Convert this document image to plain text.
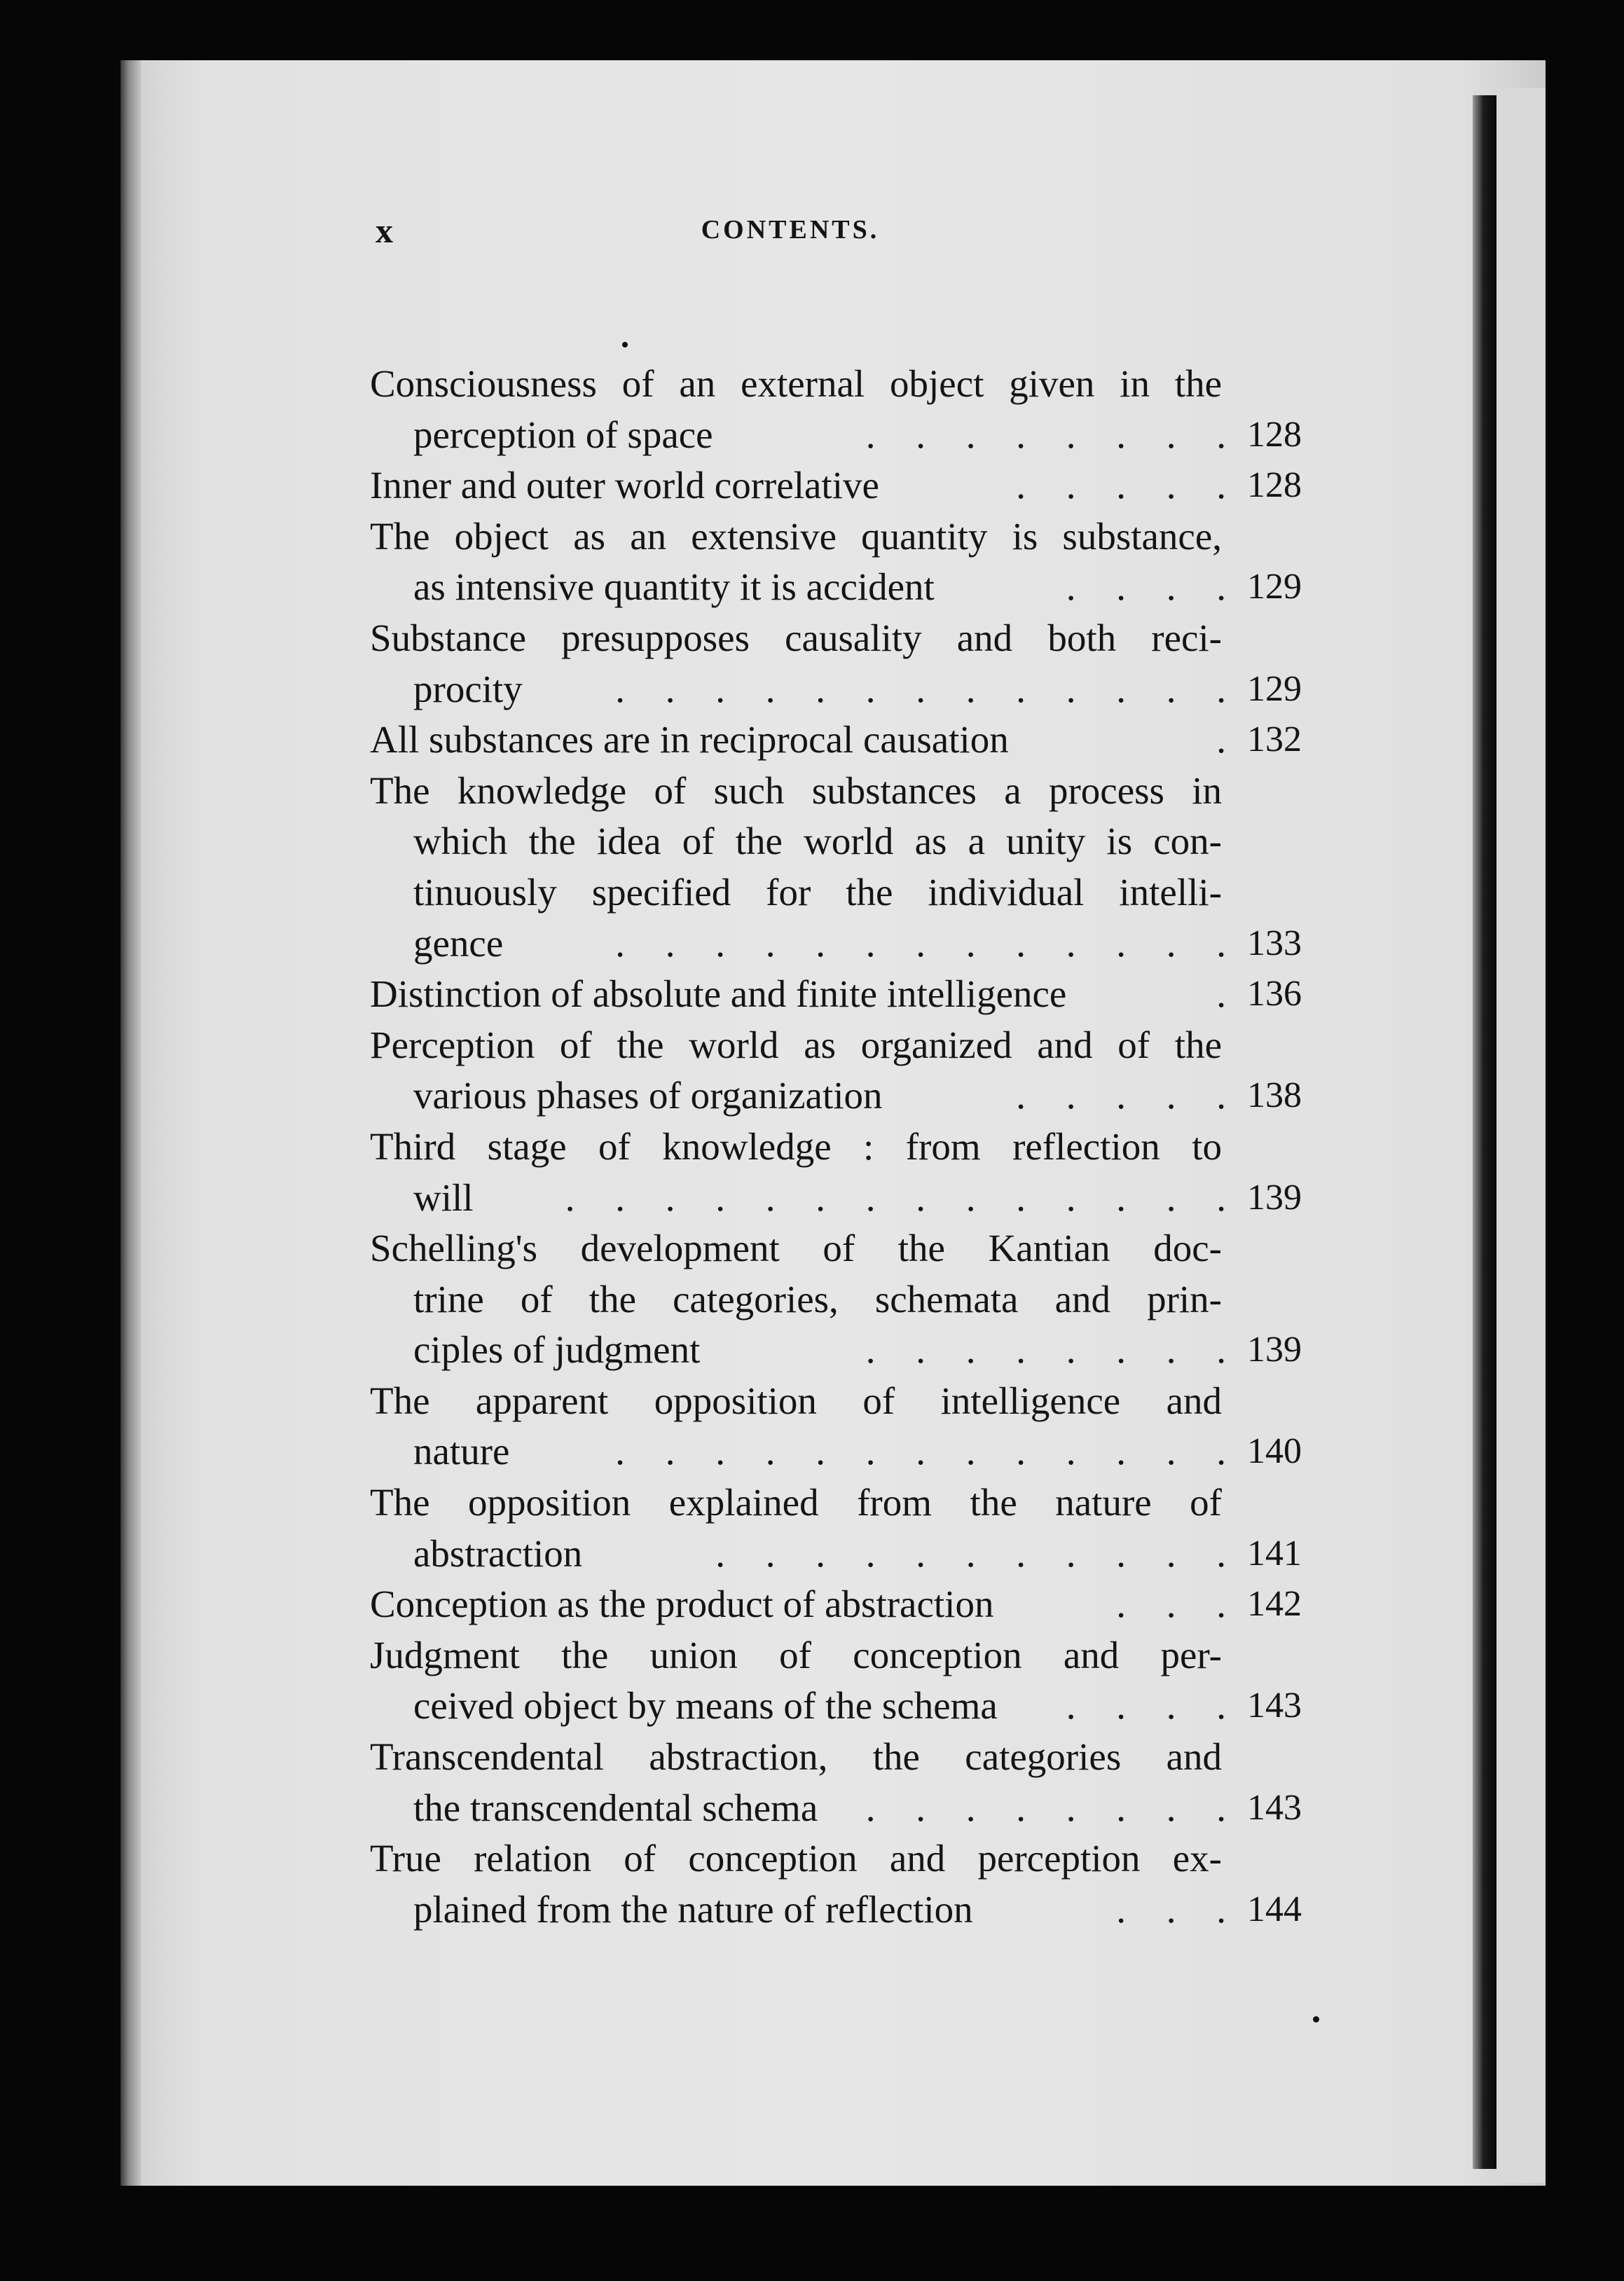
x	CONTENTS.
Consciousness of an external object given in the
perception of space	. . . . . . . . 128
Inner and outer world correlative	. . . . . 128
The object as an extensive quantity is substance,
as intensive quantity it is accident	. . . . 129
Substance presupposes causality and both reci-
procity . . . . . . . . . . . . . 129
All substances are in reciprocal causation	. 132
The knowledge of such substances a process in
which the idea of the world as a unity is con-
tinuously specified for the individual intelli-
gence	. . . . . . . . . . . . . 133
Distinction of absolute and finite intelligence	. 136
Perception of the world as organized and of the
various phases of organization	. . . . . 138
Third stage of knowledge : from reflection to
will . . . . . . . . . . . . . . 139
Schelling's development of the Kantian doc-
trine of the categories, schemata and prin-
ciples of judgment	. . . . . . . . 139
The apparent opposition of intelligence and
nature	. . . . . . . . . . . . . 140
The opposition explained from the nature of
abstraction	. . . . . . . . . . . 141
Conception as the product of abstraction	. . . 142
Judgment the union of conception and per-
ceived object by means of the schema . . . . 143
Transcendental abstraction, the categories and
the transcendental schema . . . . . . . . 143
True relation of conception and perception ex-
plained from the nature of reflection	. . . 144
